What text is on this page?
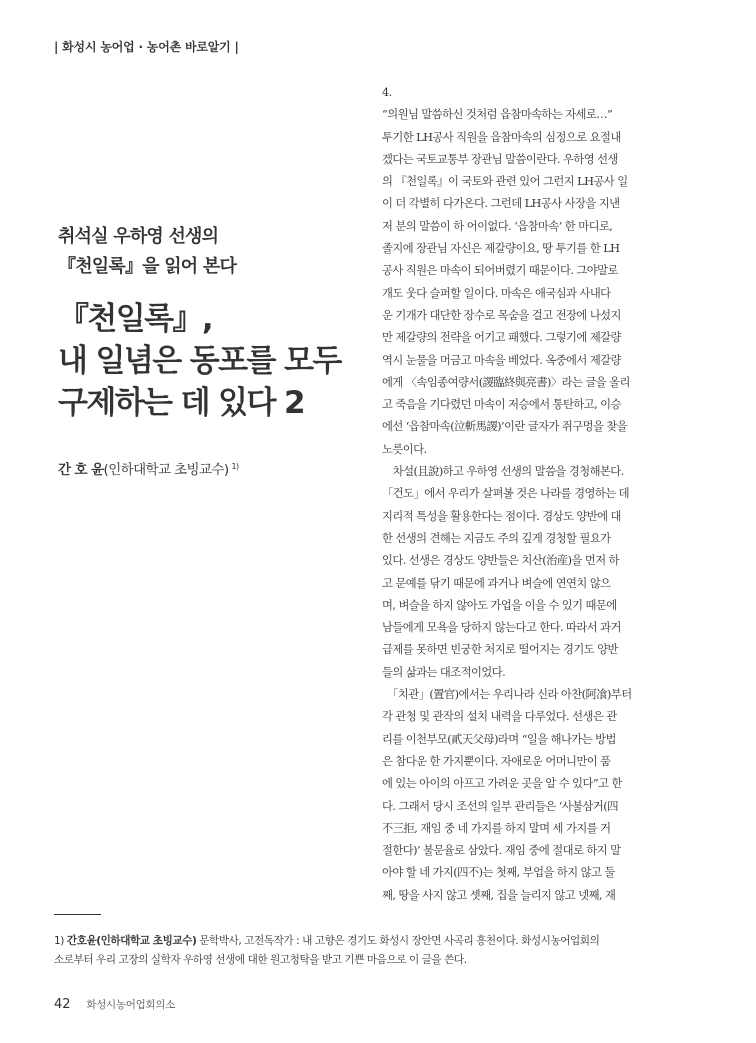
| 화성시 농어업 · 농어촌 바로알기 |
취석실 우하영 선생의
『천일록』을 읽어 본다
『천일록』,
내 일념은 동포를 모두
구제하는 데 있다 2
간 호 윤(인하대학교 초빙교수) $^{1)}$
4.
“의원님 말씀하신 것처럼 읍참마속하는 자세로…”
투기한 LH공사 직원을 읍참마속의 심정으로 요절내
겠다는 국토교통부 장관님 말씀이란다. 우하영 선생
의 『천일록』이 국토와 관련 있어 그런지 LH공사 일
이 더 각별히 다가온다. 그런데 LH공사 사장을 지낸
저 분의 말씀이 하 어이없다. ‘읍참마속’ 한 마디로,
졸지에 장관님 자신은 제갈량이요, 땅 투기를 한 LH
공사 직원은 마속이 되어버렸기 때문이다. 그야말로
개도 웃다 슬퍼할 일이다. 마속은 애국심과 사내다
운 기개가 대단한 장수로 목숨을 걸고 전장에 나섰지
만 제갈량의 전략을 어기고 패했다. 그렇기에 제갈량
역시 눈물을 머금고 마속을 베었다. 옥중에서 제갈량
에게 〈속임종여량서(謖臨終與亮書)〉라는 글을 올리
고 죽음을 기다렸던 마속이 저승에서 통탄하고, 이승
에선 ‘읍참마속(泣斬馬謖)’이란 글자가 쥐구멍을 찾을
노릇이다.
　차설(且說)하고 우하영 선생의 말씀을 경청해본다.
「건도」에서 우리가 살펴볼 것은 나라를 경영하는 데
지리적 특성을 활용한다는 점이다. 경상도 양반에 대
한 선생의 견해는 지금도 주의 깊게 경청할 필요가
있다. 선생은 경상도 양반들은 치산(治産)을 먼저 하
고 문예를 닦기 때문에 과거나 벼슬에 연연치 않으
며, 벼슬을 하지 않아도 가업을 이을 수 있기 때문에
남들에게 모욕을 당하지 않는다고 한다. 따라서 과거
급제를 못하면 빈궁한 처지로 떨어지는 경기도 양반
들의 삶과는 대조적이었다.
　「치관」(置官)에서는 우리나라 신라 아찬(阿飡)부터
각 관청 및 관작의 설치 내력을 다루었다. 선생은 관
리를 이천부모(貳天父母)라며 “일을 해나가는 방법
은 참다운 한 가지뿐이다. 자애로운 어머니만이 품
에 있는 아이의 아프고 가려운 곳을 알 수 있다”고 한
다. 그래서 당시 조선의 일부 관리들은 ‘사불삼거(四
不三拒, 재임 중 네 가지를 하지 말며 세 가지를 거
절한다)’ 불문율로 삼았다. 재임 중에 절대로 하지 말
아야 할 네 가지(四不)는 첫째, 부업을 하지 않고 둘
째, 땅을 사지 않고 셋째, 집을 늘리지 않고 넷째, 재
1) 간호윤(인하대학교 초빙교수) 문학박사, 고전독작가 : 내 고향은 경기도 화성시 장안면 사곡리 흥천이다. 화성시농어업회의
소로부터 우리 고장의 실학자 우하영 선생에 대한 원고청탁을 받고 기쁜 마음으로 이 글을 쓴다.
42 화성시농어업회의소
